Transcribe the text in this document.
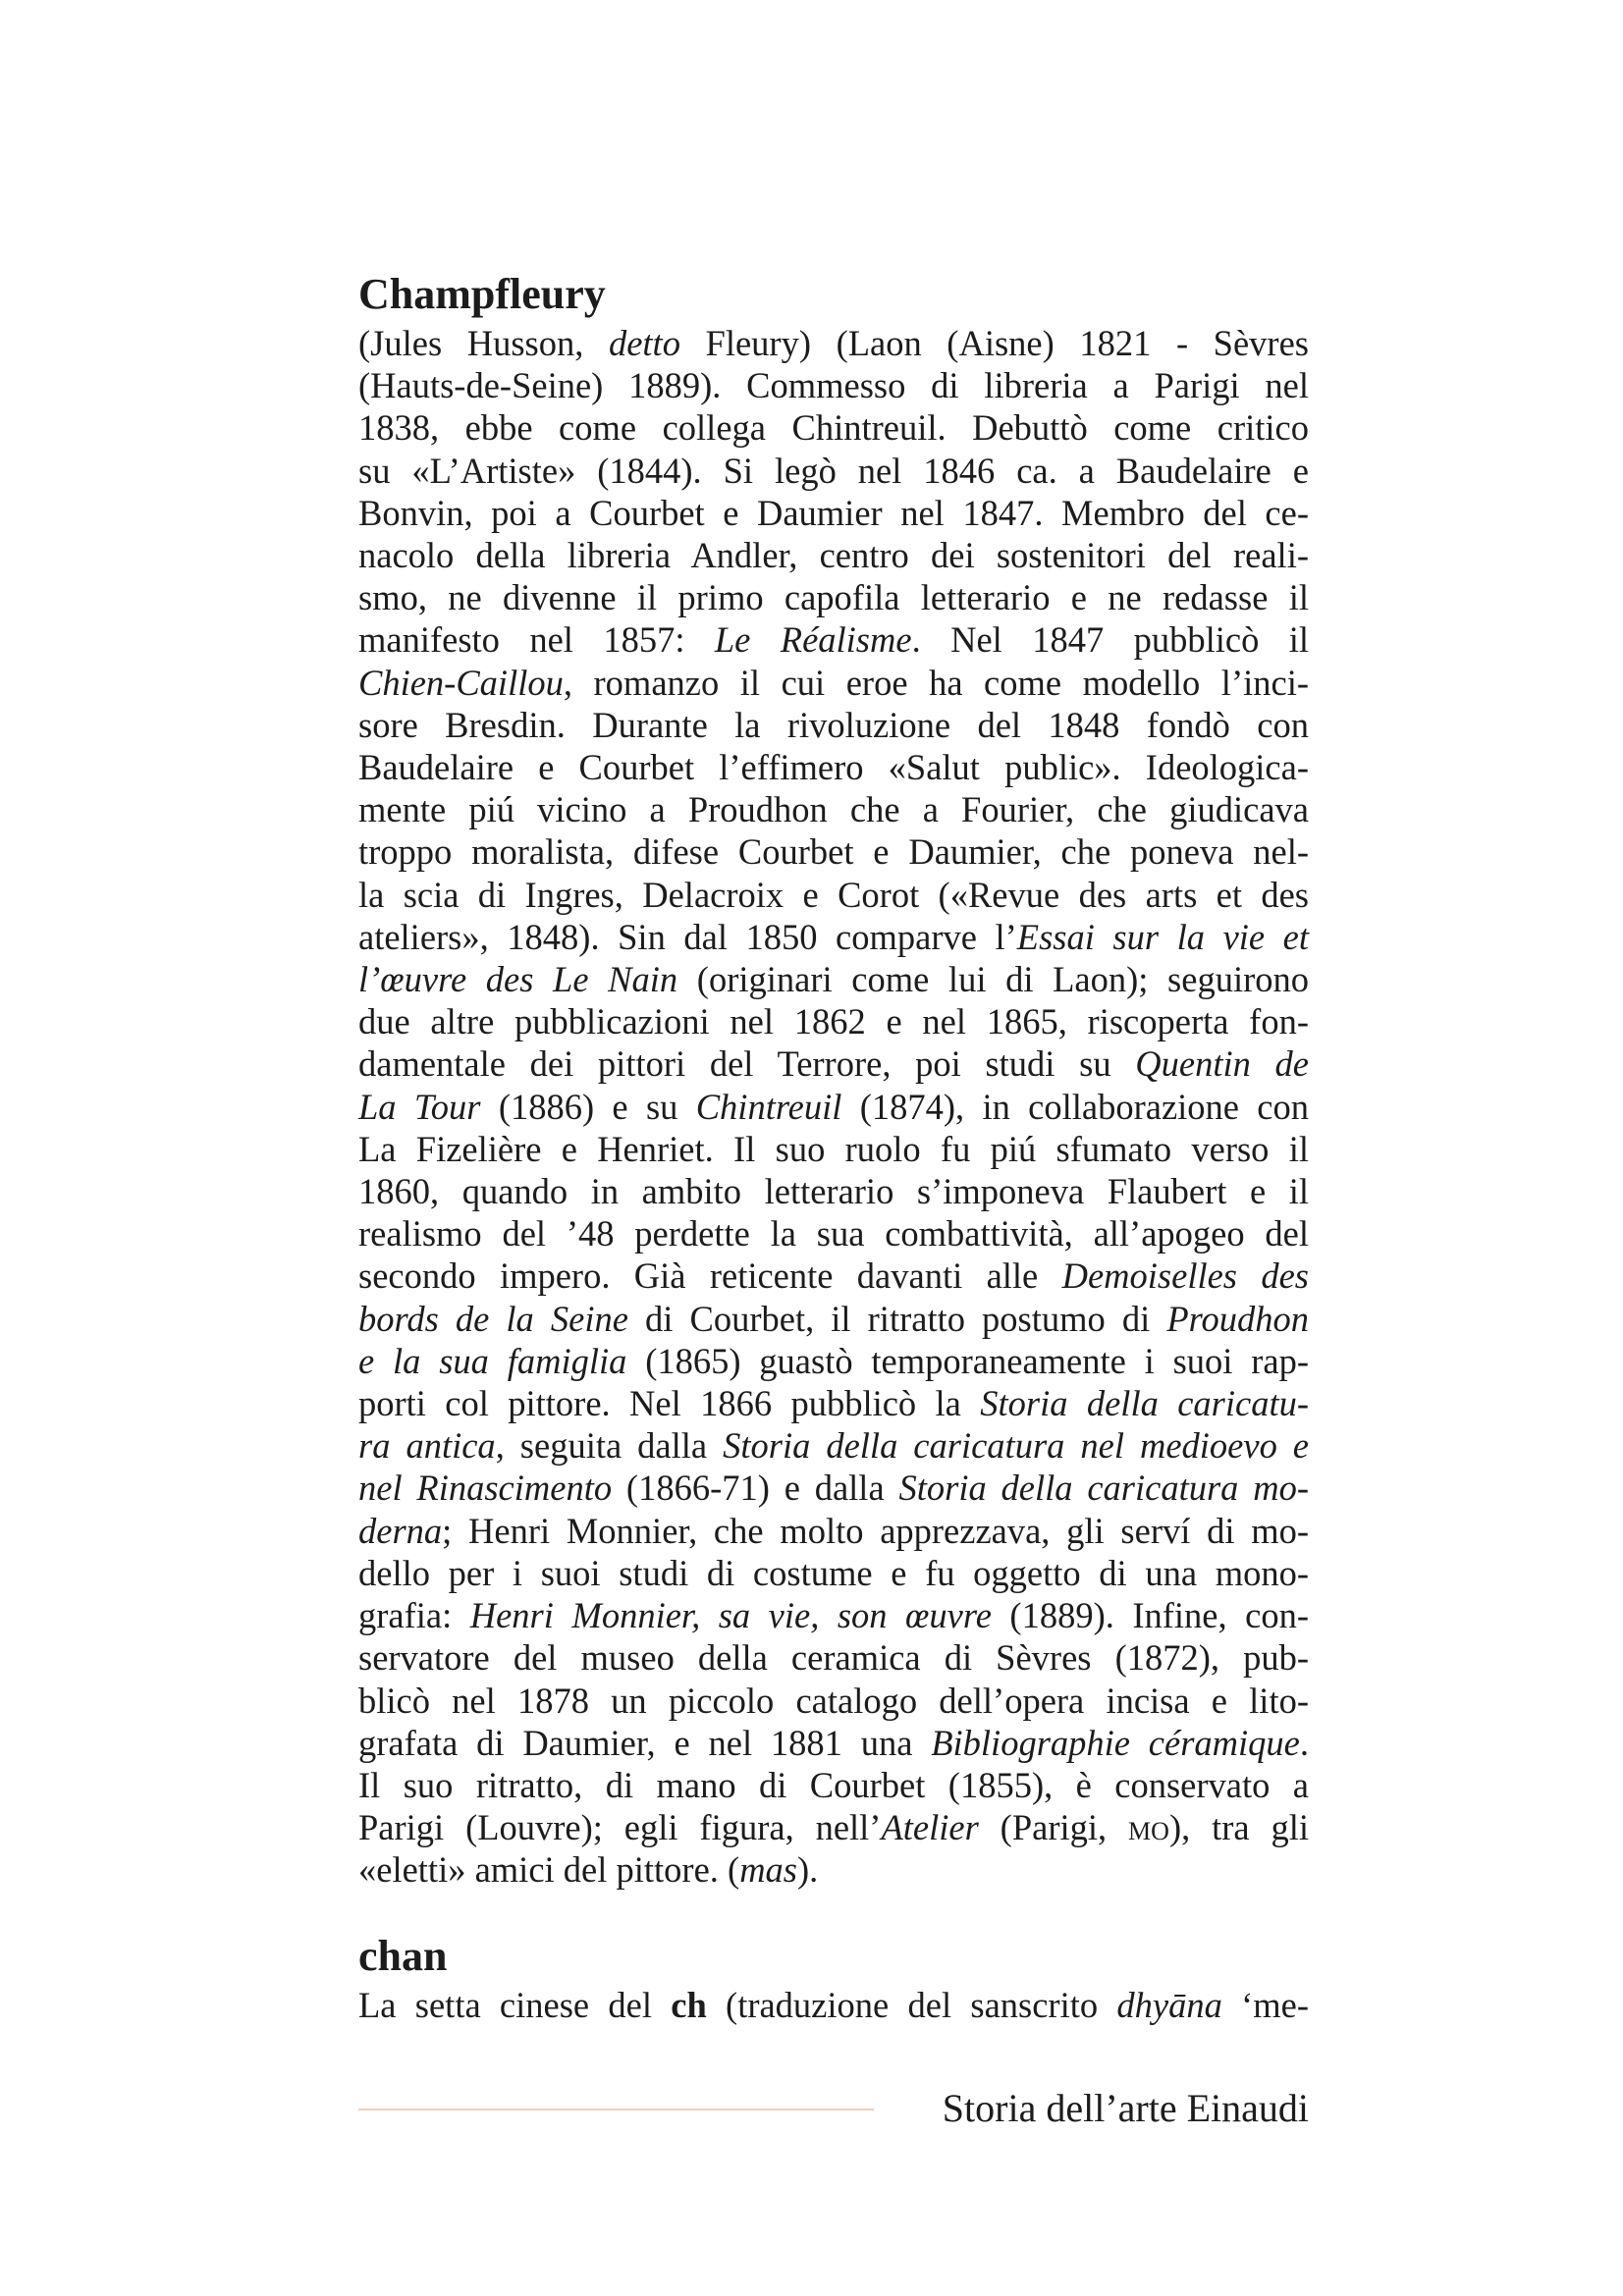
Champfleury
(Jules Husson, detto Fleury) (Laon (Aisne) 1821 - Sèvres
(Hauts-de-Seine) 1889). Commesso di libreria a Parigi nel
1838, ebbe come collega Chintreuil. Debuttò come critico
su «L’Artiste» (1844). Si legò nel 1846 ca. a Baudelaire e
Bonvin, poi a Courbet e Daumier nel 1847. Membro del ce-
nacolo della libreria Andler, centro dei sostenitori del reali-
smo, ne divenne il primo capofila letterario e ne redasse il
manifesto nel 1857: Le Réalisme. Nel 1847 pubblicò il
Chien-Caillou, romanzo il cui eroe ha come modello l’inci-
sore Bresdin. Durante la rivoluzione del 1848 fondò con
Baudelaire e Courbet l’effimero «Salut public». Ideologica-
mente piú vicino a Proudhon che a Fourier, che giudicava
troppo moralista, difese Courbet e Daumier, che poneva nel-
la scia di Ingres, Delacroix e Corot («Revue des arts et des
ateliers», 1848). Sin dal 1850 comparve l’Essai sur la vie et
l’œuvre des Le Nain (originari come lui di Laon); seguirono
due altre pubblicazioni nel 1862 e nel 1865, riscoperta fon-
damentale dei pittori del Terrore, poi studi su Quentin de
La Tour (1886) e su Chintreuil (1874), in collaborazione con
La Fizelière e Henriet. Il suo ruolo fu piú sfumato verso il
1860, quando in ambito letterario s’imponeva Flaubert e il
realismo del ’48 perdette la sua combattività, all’apogeo del
secondo impero. Già reticente davanti alle Demoiselles des
bords de la Seine di Courbet, il ritratto postumo di Proudhon
e la sua famiglia (1865) guastò temporaneamente i suoi rap-
porti col pittore. Nel 1866 pubblicò la Storia della caricatu-
ra antica, seguita dalla Storia della caricatura nel medioevo e
nel Rinascimento (1866-71) e dalla Storia della caricatura mo-
derna; Henri Monnier, che molto apprezzava, gli serví di mo-
dello per i suoi studi di costume e fu oggetto di una mono-
grafia: Henri Monnier, sa vie, son œuvre (1889). Infine, con-
servatore del museo della ceramica di Sèvres (1872), pub-
blicò nel 1878 un piccolo catalogo dell’opera incisa e lito-
grafata di Daumier, e nel 1881 una Bibliographie céramique.
Il suo ritratto, di mano di Courbet (1855), è conservato a
Parigi (Louvre); egli figura, nell’Atelier (Parigi, mo), tra gli
«eletti» amici del pittore. (mas).
chan
La setta cinese del ch (traduzione del sanscrito dhyāna ‘me-
Storia dell’arte Einaudi
